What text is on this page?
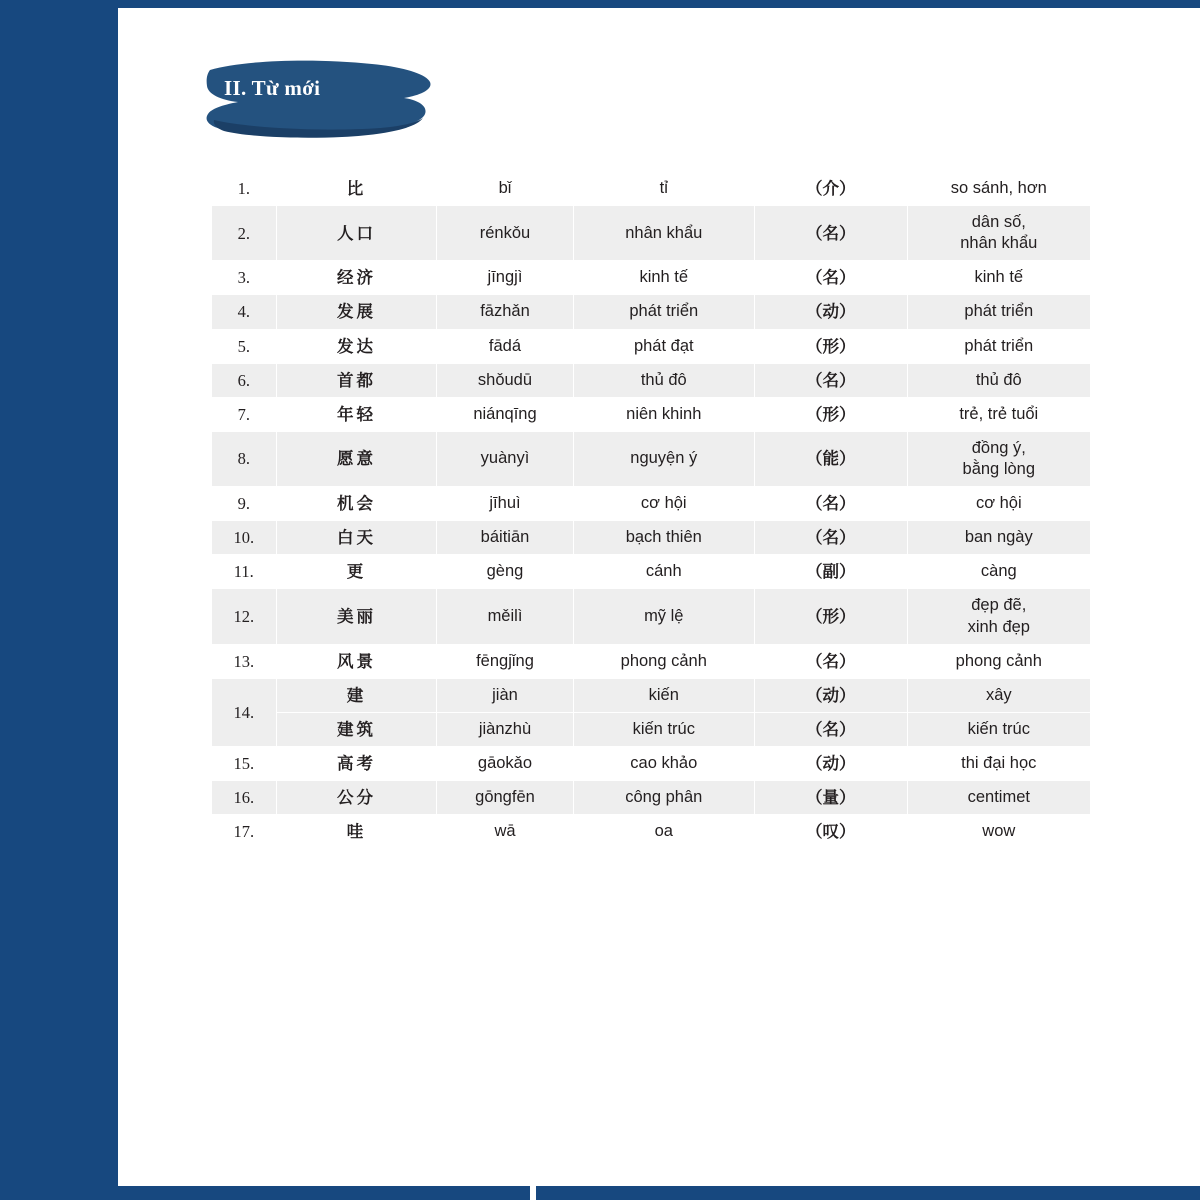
II. Từ mới
1.	比	bǐ	tỉ	（介）	so sánh, hơn
2.	人口	rénkǒu	nhân khẩu	（名）	dân số,
nhân khẩu
3.	经济	jīngjì	kinh tế	（名）	kinh tế
4.	发展	fāzhǎn	phát triển	（动）	phát triển
5.	发达	fādá	phát đạt	（形）	phát triển
6.	首都	shǒudū	thủ đô	（名）	thủ đô
7.	年轻	niánqīng	niên khinh	（形）	trẻ, trẻ tuổi
8.	愿意	yuànyì	nguyện ý	（能）	đồng ý,
bằng lòng
9.	机会	jīhuì	cơ hội	（名）	cơ hội
10.	白天	báitiān	bạch thiên	（名）	ban ngày
11.	更	gèng	cánh	（副）	càng
12.	美丽	měilì	mỹ lệ	（形）	đẹp đẽ,
xinh đẹp
13.	风景	fēngjǐng	phong cảnh	（名）	phong cảnh
14.	建	jiàn	kiến	（动）	xây
	建筑	jiànzhù	kiến trúc	（名）	kiến trúc
15.	高考	gāokǎo	cao khảo	（动）	thi đại học
16.	公分	gōngfēn	công phân	（量）	centimet
17.	哇	wā	oa	（叹）	wow
